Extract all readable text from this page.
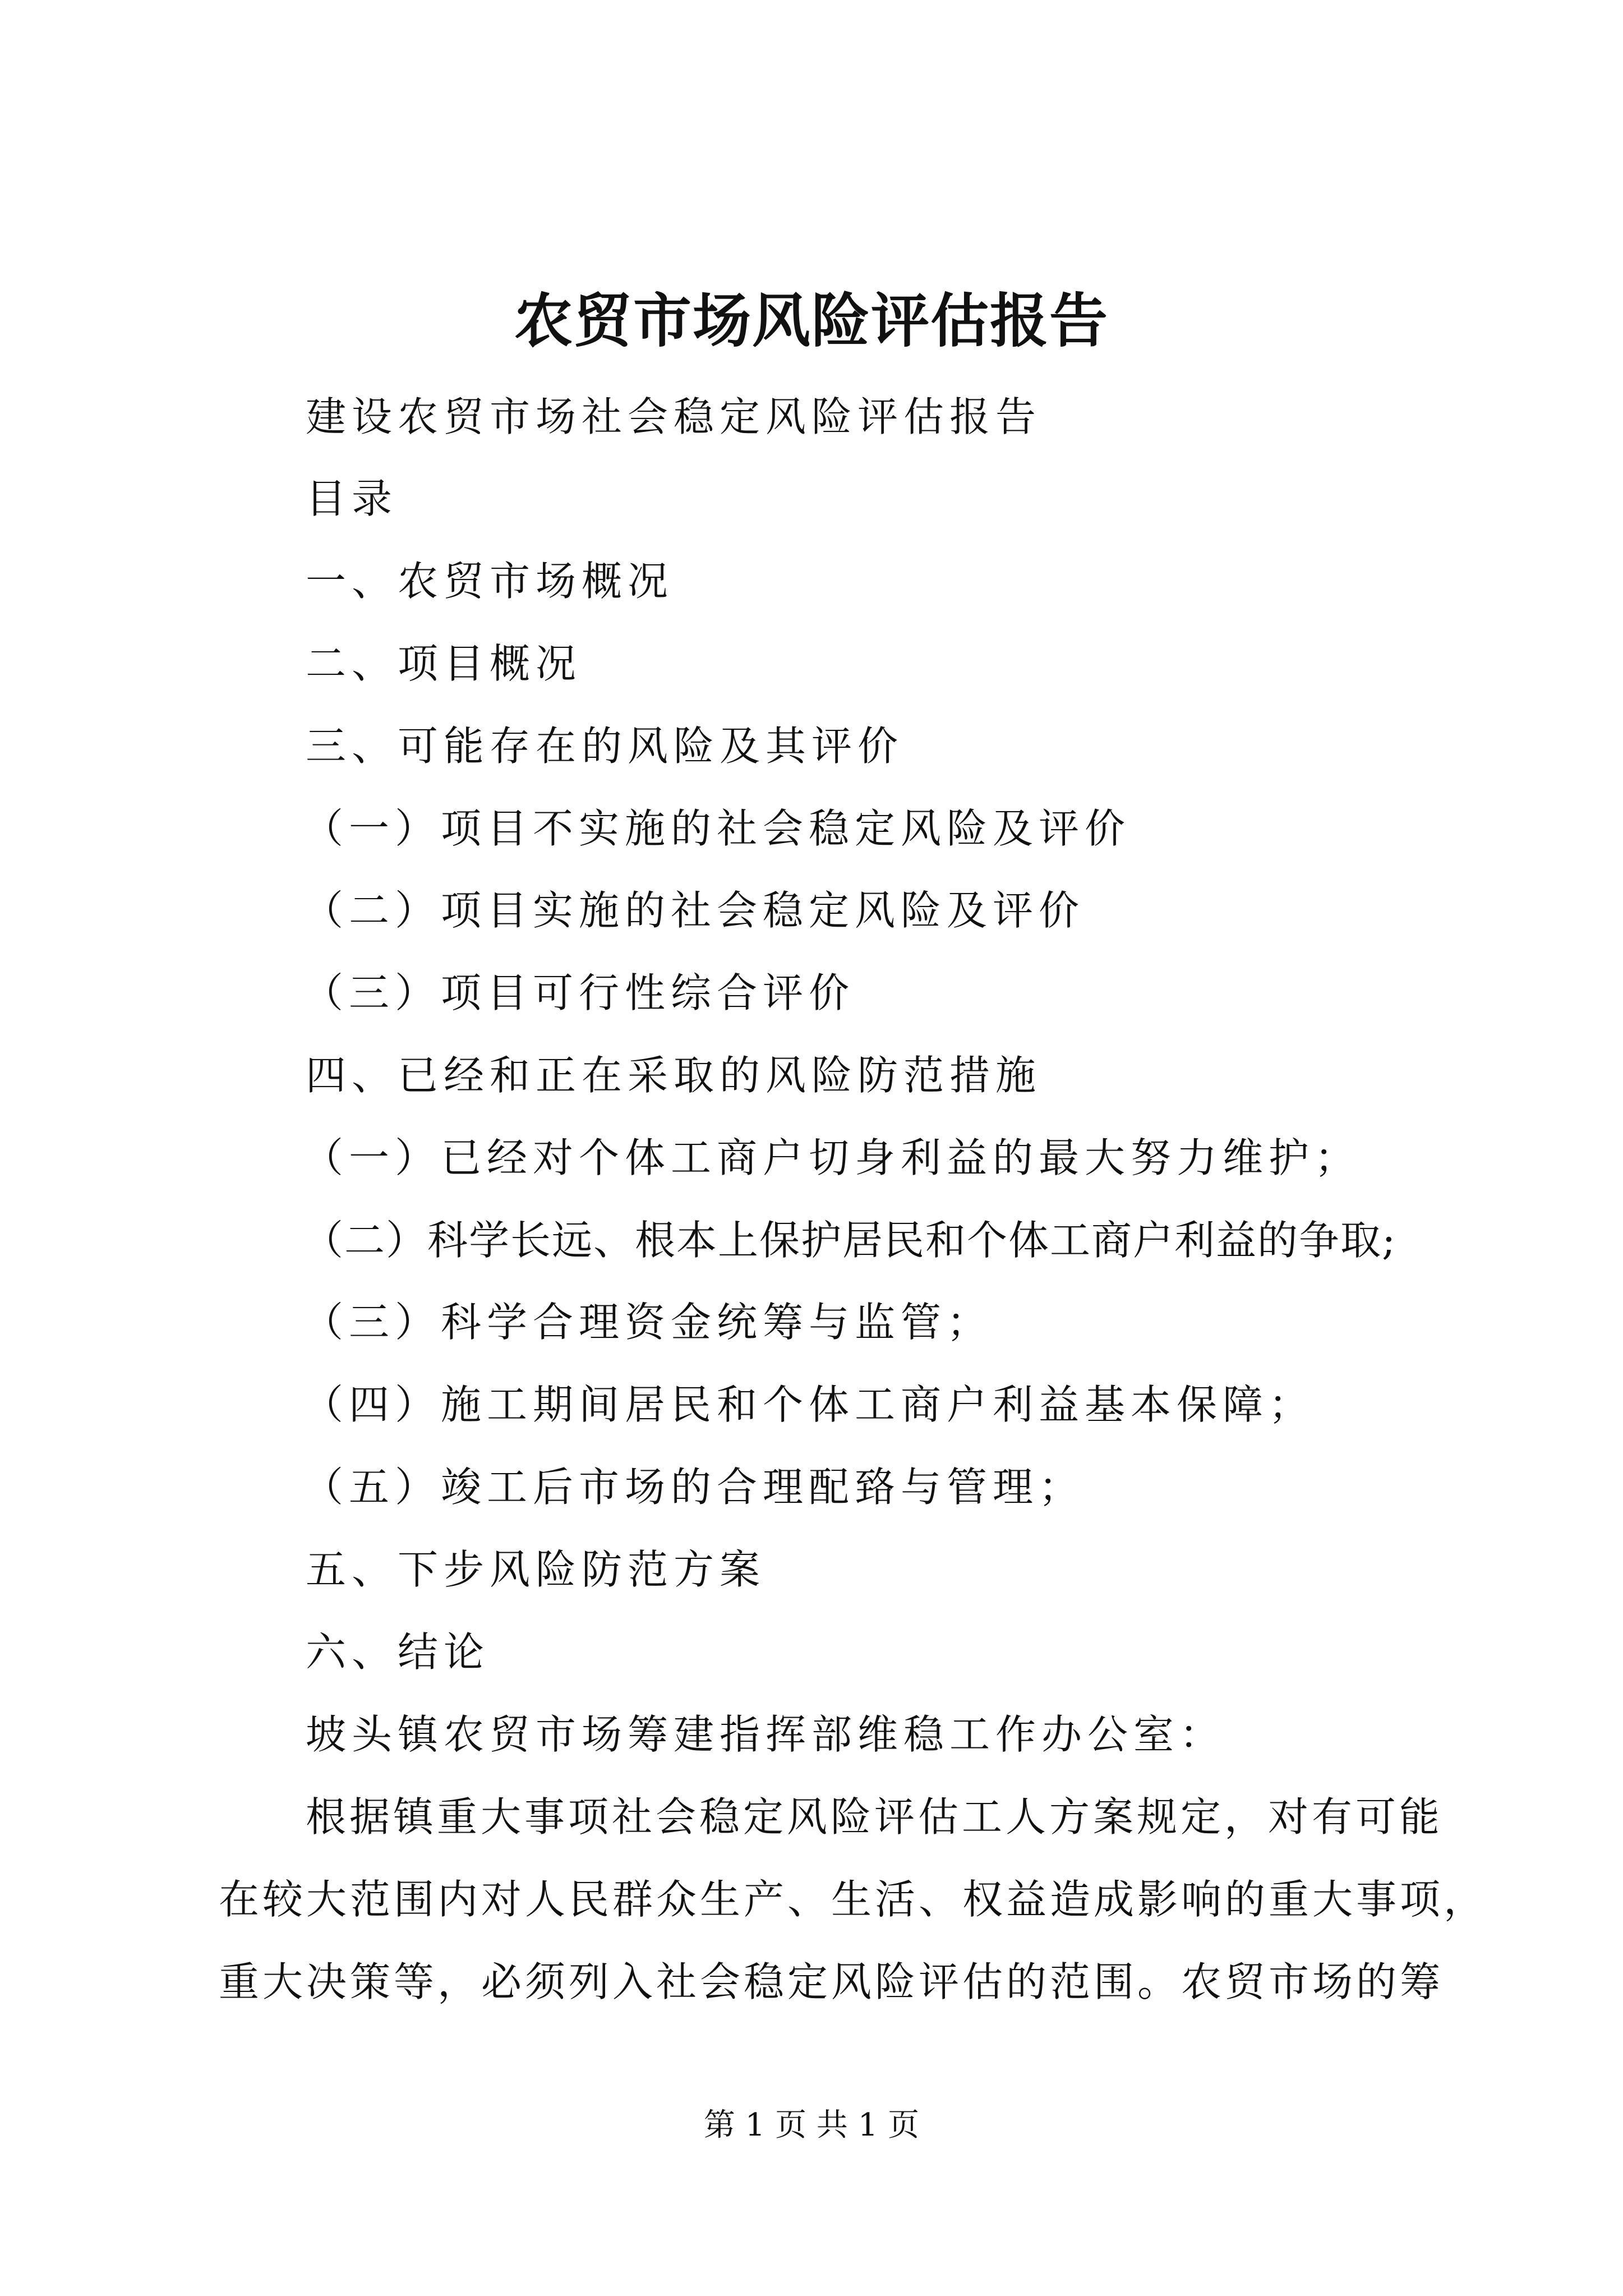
农贸市场风险评估报告
建设农贸市场社会稳定风险评估报告
目录
一、农贸市场概况
二、项目概况
三、可能存在的风险及其评价
（一）项目不实施的社会稳定风险及评价
（二）项目实施的社会稳定风险及评价
（三）项目可行性综合评价
四、已经和正在采取的风险防范措施
（一）已经对个体工商户切身利益的最大努力维护；
（二）科学长远、根本上保护居民和个体工商户利益的争取;
（三）科学合理资金统筹与监管；
（四）施工期间居民和个体工商户利益基本保障；
（五）竣工后市场的合理配臵与管理；
五、下步风险防范方案
六、结论
坡头镇农贸市场筹建指挥部维稳工作办公室：
根据镇重大事项社会稳定风险评估工人方案规定，对有可能
在较大范围内对人民群众生产、生活、权益造成影响的重大事项，
重大决策等，必须列入社会稳定风险评估的范围。农贸市场的筹
第 1 页 共 1 页
